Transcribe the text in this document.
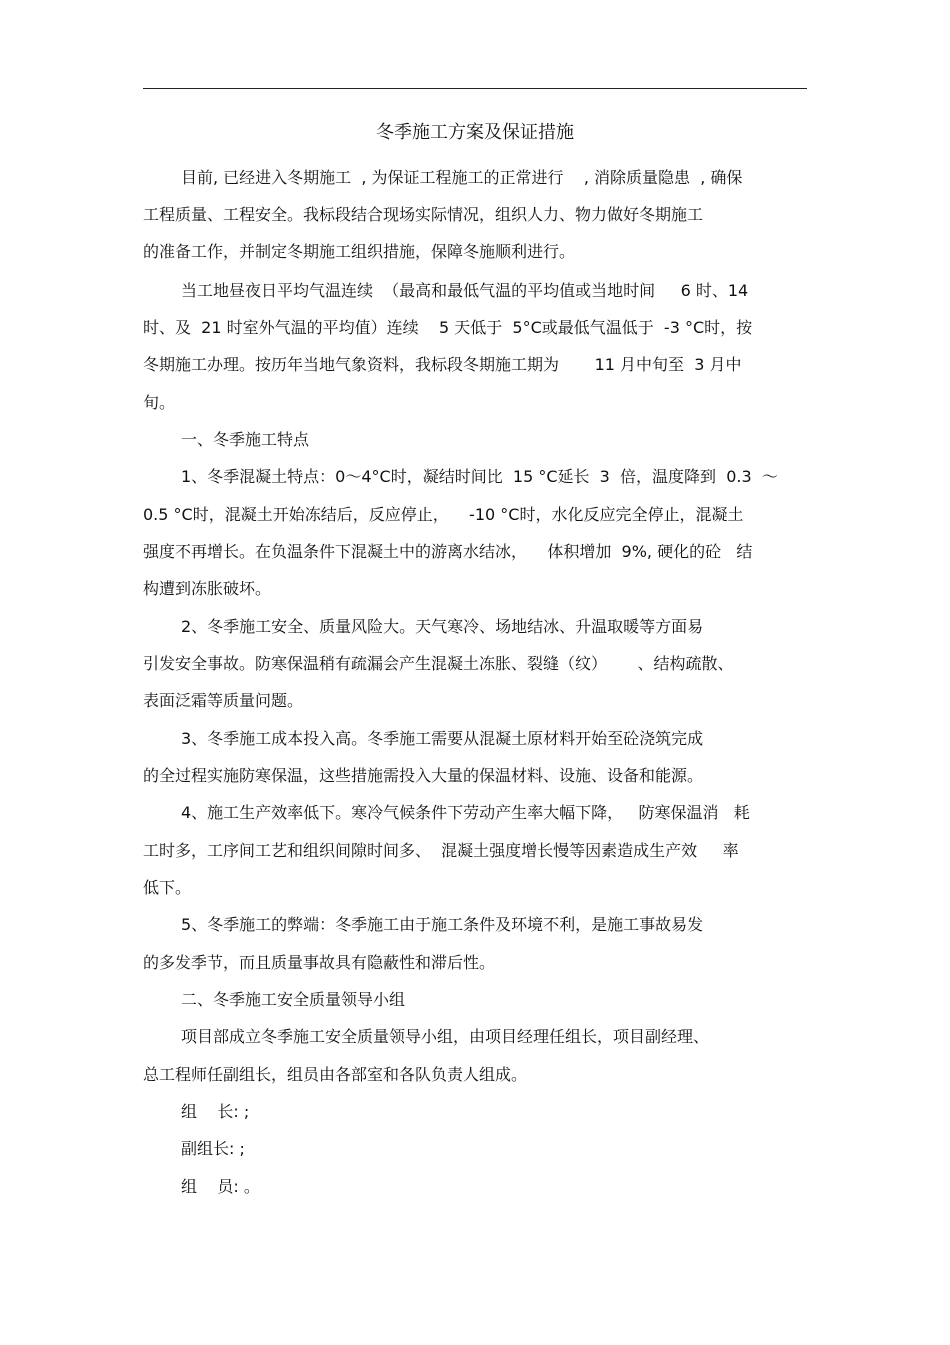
冬季施工方案及保证措施
目前, 已经进入冬期施工  , 为保证工程施工的正常进行    , 消除质量隐患  , 确保
工程质量、工程安全。我标段结合现场实际情况，组织人力、物力做好冬期施工
的准备工作，并制定冬期施工组织措施，保障冬施顺利进行。
当工地昼夜日平均气温连续  （最高和最低气温的平均值或当地时间     6 时、14
时、及  21 时室外气温的平均值）连续    5 天低于  5°C或最低气温低于  -3 °C时，按
冬期施工办理。按历年当地气象资料，我标段冬期施工期为       11 月中旬至  3 月中
旬。
一、冬季施工特点
1、冬季混凝土特点：0～4°C时，凝结时间比  15 °C延长  3  倍，温度降到  0.3  ～
0.5 °C时，混凝土开始冻结后，反应停止，    -10 °C时，水化反应完全停止，混凝土
强度不再增长。在负温条件下混凝土中的游离水结冰，    体积增加  9%, 硬化的砼   结
构遭到冻胀破坏。
2、冬季施工安全、质量风险大。天气寒冷、场地结冰、升温取暖等方面易
引发安全事故。防寒保温稍有疏漏会产生混凝土冻胀、裂缝（纹）      、结构疏散、
表面泛霜等质量问题。
3、冬季施工成本投入高。冬季施工需要从混凝土原材料开始至砼浇筑完成
的全过程实施防寒保温，这些措施需投入大量的保温材料、设施、设备和能源。
4、施工生产效率低下。寒冷气候条件下劳动产生率大幅下降，   防寒保温消   耗
工时多，工序间工艺和组织间隙时间多、  混凝土强度增长慢等因素造成生产效     率
低下。
5、冬季施工的弊端：冬季施工由于施工条件及环境不利，是施工事故易发
的多发季节，而且质量事故具有隐蔽性和滞后性。
二、冬季施工安全质量领导小组
项目部成立冬季施工安全质量领导小组，由项目经理任组长，项目副经理、
总工程师任副组长，组员由各部室和各队负责人组成。
组    长: ;
副组长: ;
组    员: 。
